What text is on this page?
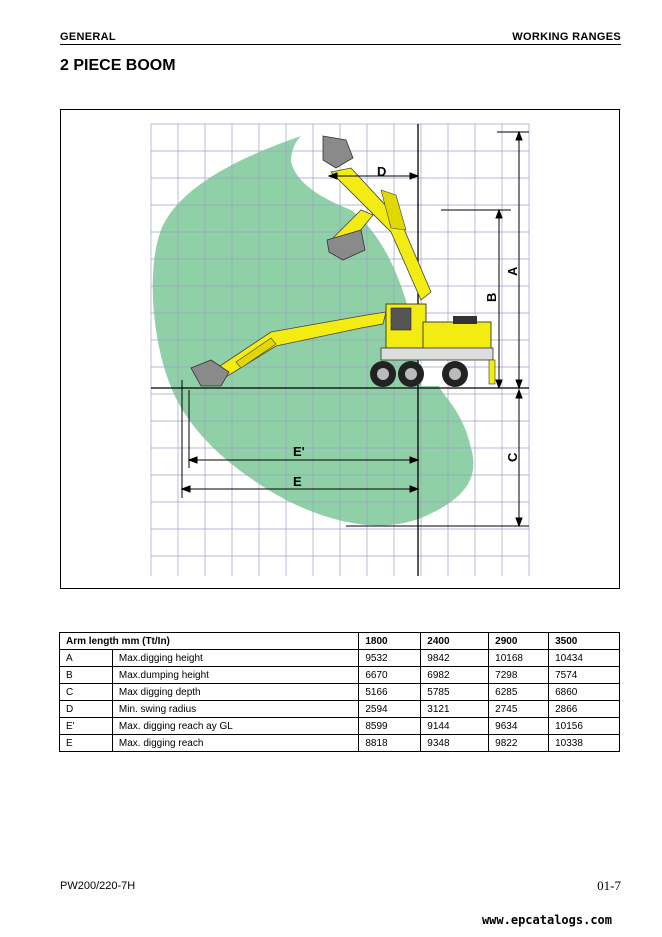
GENERAL	WORKING RANGES
2 PIECE BOOM
D
E'
E
A
B
C
Arm length mm (Tt/In)		1800	2400	2900	3500
A	Max.digging height	9532	9842	10168	10434
B	Max.dumping height	6670	6982	7298	7574
C	Max digging depth	5166	5785	6285	6860
D	Min. swing radius	2594	3121	2745	2866
E'	Max. digging reach ay GL	8599	9144	9634	10156
E	Max. digging reach	8818	9348	9822	10338
PW200/220-7H	01-7
www.epcatalogs.com
